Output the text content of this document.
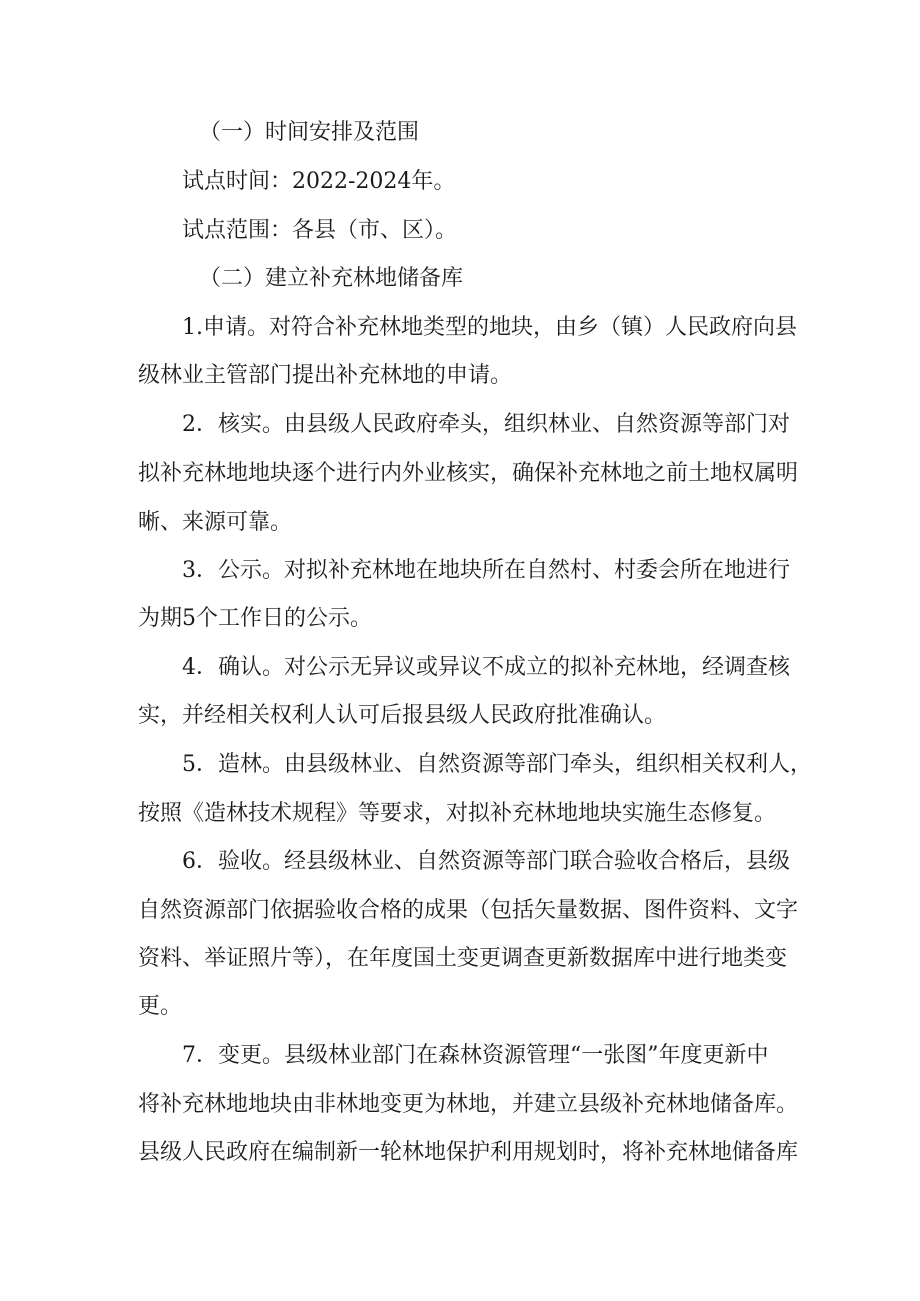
（一）时间安排及范围
试点时间：2022-2024年。
试点范围：各县（市、区）。
（二）建立补充林地储备库
1.申请。对符合补充林地类型的地块，由乡（镇）人民政府向县
级林业主管部门提出补充林地的申请。
2．核实。由县级人民政府牵头，组织林业、自然资源等部门对
拟补充林地地块逐个进行内外业核实，确保补充林地之前土地权属明
晰、来源可靠。
3．公示。对拟补充林地在地块所在自然村、村委会所在地进行
为期5个工作日的公示。
4．确认。对公示无异议或异议不成立的拟补充林地，经调查核
实，并经相关权利人认可后报县级人民政府批准确认。
5．造林。由县级林业、自然资源等部门牵头，组织相关权利人，
按照《造林技术规程》等要求，对拟补充林地地块实施生态修复。
6．验收。经县级林业、自然资源等部门联合验收合格后，县级
自然资源部门依据验收合格的成果（包括矢量数据、图件资料、文字
资料、举证照片等），在年度国土变更调查更新数据库中进行地类变
更。
7．变更。县级林业部门在森林资源管理“一张图”年度更新中
将补充林地地块由非林地变更为林地，并建立县级补充林地储备库。
县级人民政府在编制新一轮林地保护利用规划时，将补充林地储备库
